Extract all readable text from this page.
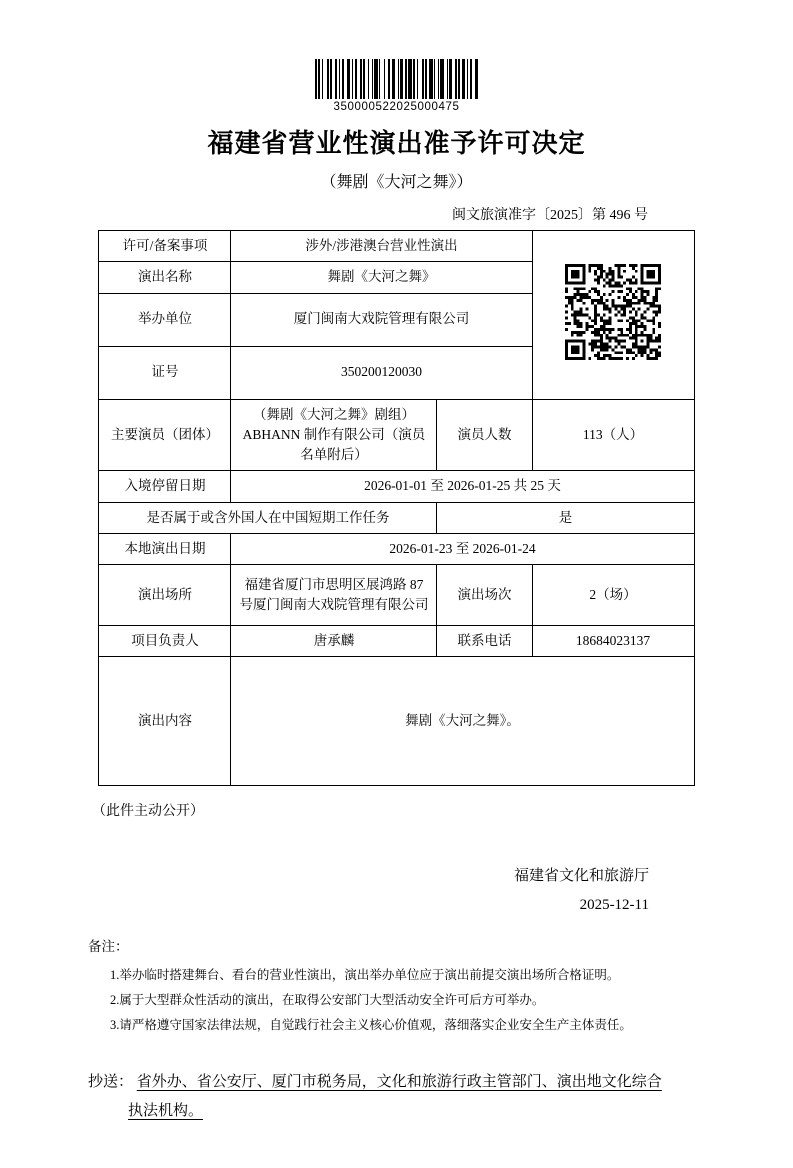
350000522025000475
福建省营业性演出准予许可决定
（舞剧《大河之舞》）
闽文旅演准字〔2025〕第 496 号
许可/备案事项	涉外/涉港澳台营业性演出	
演出名称	舞剧《大河之舞》		
举办单位	厦门闽南大戏院管理有限公司		
证号	350200120030		
主要演员（团体）	（舞剧《大河之舞》剧组）ABHANN 制作有限公司（演员名单附后）	演员人数	113（人）
入境停留日期	2026-01-01 至 2026-01-25 共 25 天		
是否属于或含外国人在中国短期工作任务		是	
本地演出日期	2026-01-23 至 2026-01-24		
演出场所	福建省厦门市思明区展鸿路 87 号厦门闽南大戏院管理有限公司	演出场次	2（场）
项目负责人	唐承麟	联系电话	18684023137
演出内容	舞剧《大河之舞》。		
（此件主动公开）
福建省文化和旅游厅
2025-12-11
备注：
1.举办临时搭建舞台、看台的营业性演出，演出举办单位应于演出前提交演出场所合格证明。
2.属于大型群众性活动的演出，在取得公安部门大型活动安全许可后方可举办。
3.请严格遵守国家法律法规，自觉践行社会主义核心价值观，落细落实企业安全生产主体责任。
抄送： 省外办、省公安厅、厦门市税务局，文化和旅游行政主管部门、演出地文化综合
执法机构。
